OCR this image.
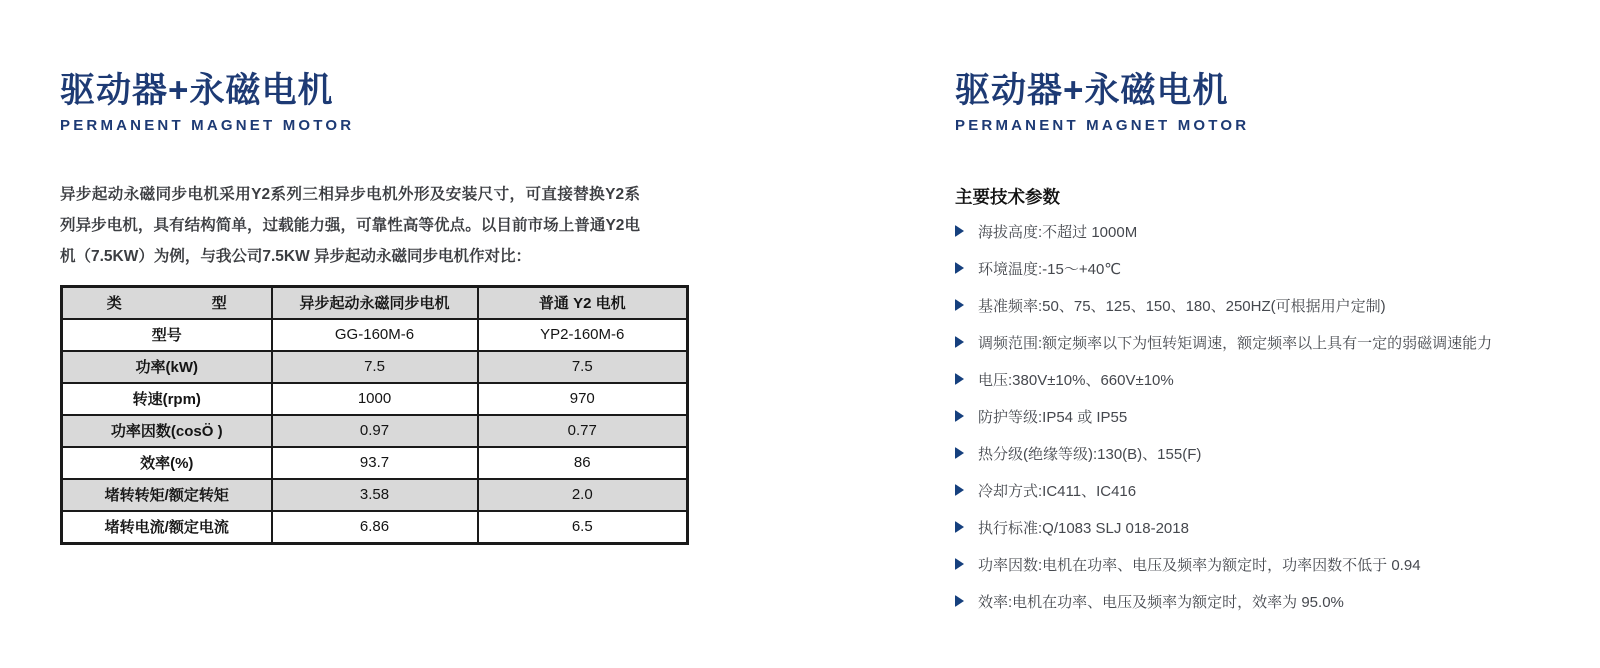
驱动器+永磁电机
PERMANENT MAGNET MOTOR

异步起动永磁同步电机采用Y2系列三相异步电机外形及安装尺寸，可直接替换Y2系列异步电机，具有结构简单，过载能力强，可靠性高等优点。以目前市场上普通Y2电机（7.5KW）为例，与我公司7.5KW 异步起动永磁同步电机作对比：

类　　　　　　型	异步起动永磁同步电机	普通 Y2 电机
型号	GG-160M-6	YP2-160M-6
功率(kW)	7.5	7.5
转速(rpm)	1000	970
功率因数(cosÖ )	0.97	0.77
效率(%)	93.7	86
堵转转矩/额定转矩	3.58	2.0
堵转电流/额定电流	6.86	6.5
驱动器+永磁电机
PERMANENT MAGNET MOTOR
主要技术参数
海拔高度:不超过 1000M
环境温度:-15～+40℃
基准频率:50、75、125、150、180、250HZ(可根据用户定制)
调频范围:额定频率以下为恒转矩调速，额定频率以上具有一定的弱磁调速能力
电压:380V±10%、660V±10%
防护等级:IP54 或 IP55
热分级(绝缘等级):130(B)、155(F)
冷却方式:IC411、IC416
执行标准:Q/1083 SLJ 018-2018
功率因数:电机在功率、电压及频率为额定时，功率因数不低于 0.94
效率:电机在功率、电压及频率为额定时，效率为 95.0%
